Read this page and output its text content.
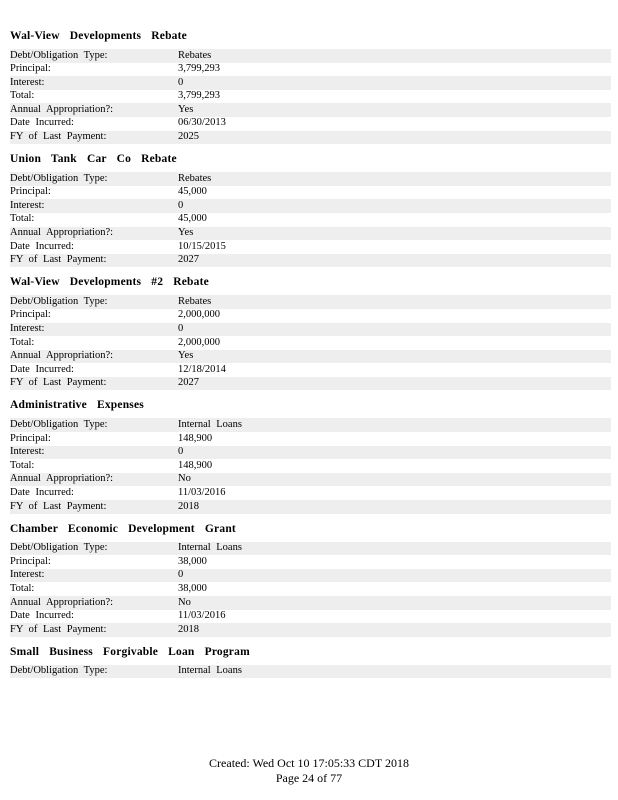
Wal-View Developments Rebate
Debt/Obligation Type:	Rebates
Principal:	3,799,293
Interest:	0
Total:	3,799,293
Annual Appropriation?:	Yes
Date Incurred:	06/30/2013
FY of Last Payment:	2025
Union Tank Car Co Rebate
Debt/Obligation Type:	Rebates
Principal:	45,000
Interest:	0
Total:	45,000
Annual Appropriation?:	Yes
Date Incurred:	10/15/2015
FY of Last Payment:	2027
Wal-View Developments #2 Rebate
Debt/Obligation Type:	Rebates
Principal:	2,000,000
Interest:	0
Total:	2,000,000
Annual Appropriation?:	Yes
Date Incurred:	12/18/2014
FY of Last Payment:	2027
Administrative Expenses
Debt/Obligation Type:	Internal Loans
Principal:	148,900
Interest:	0
Total:	148,900
Annual Appropriation?:	No
Date Incurred:	11/03/2016
FY of Last Payment:	2018
Chamber Economic Development Grant
Debt/Obligation Type:	Internal Loans
Principal:	38,000
Interest:	0
Total:	38,000
Annual Appropriation?:	No
Date Incurred:	11/03/2016
FY of Last Payment:	2018
Small Business Forgivable Loan Program
Debt/Obligation Type:	Internal Loans
Created: Wed Oct 10 17:05:33 CDT 2018
Page 24 of 77
